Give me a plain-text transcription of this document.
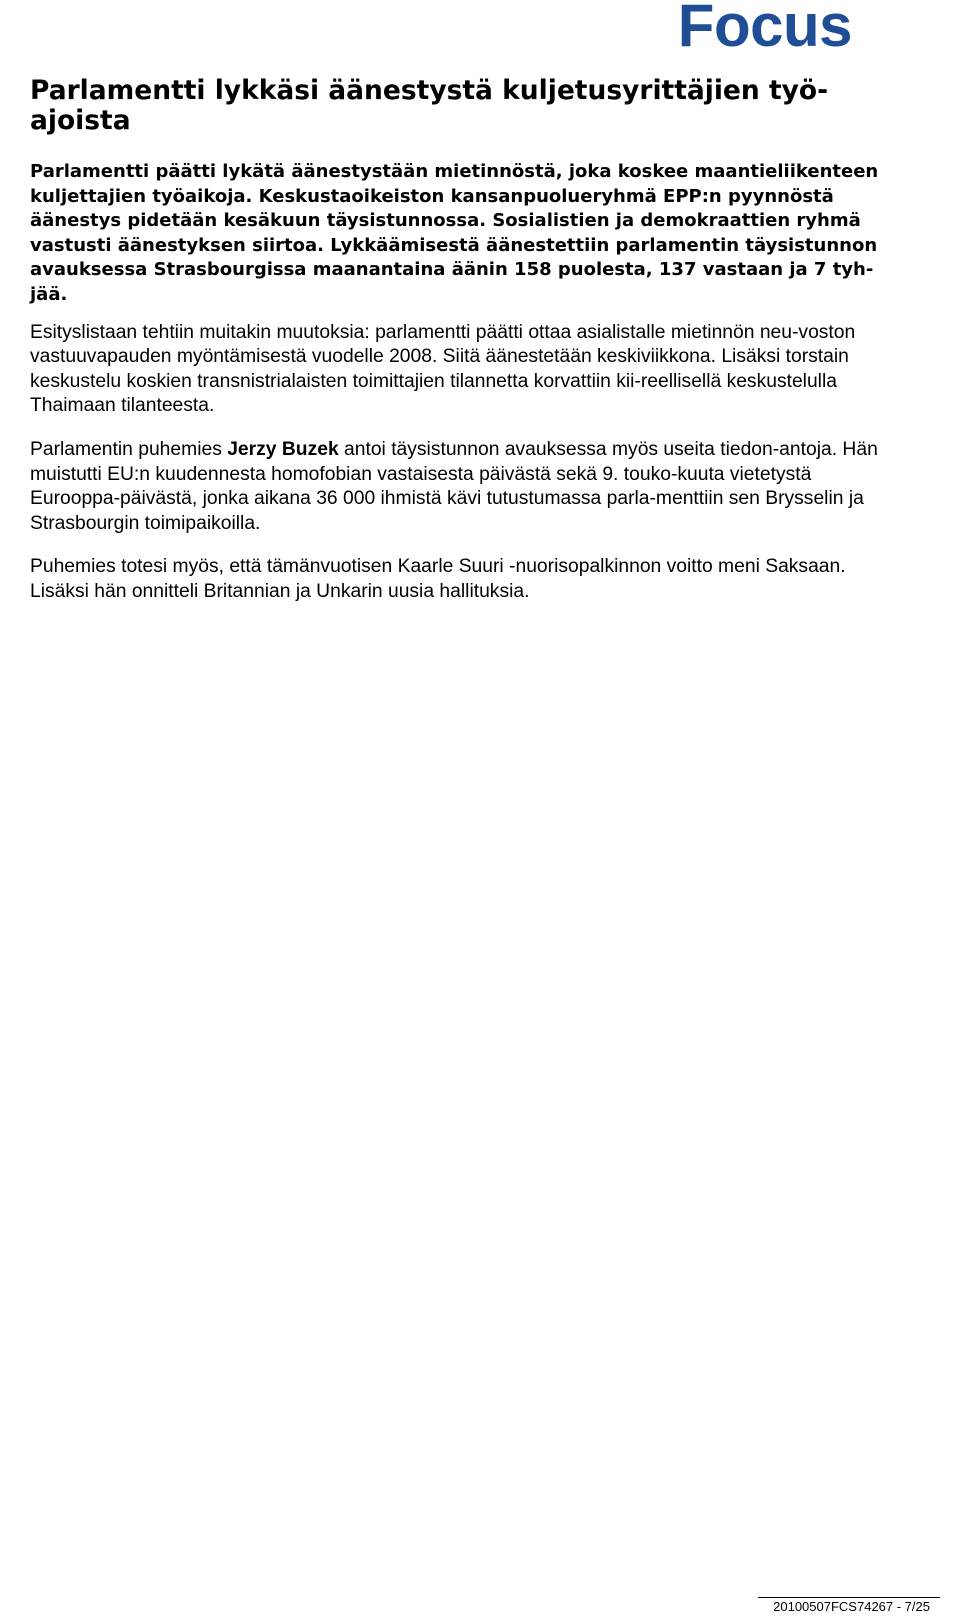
Focus
Parlamentti lykkäsi äänestystä kuljetusyrittäjien työ-ajoista

Parlamentti päätti lykätä äänestystään mietinnöstä, joka koskee maantieliikenteen kuljettajien työaikoja. Keskustaoikeiston kansanpuolueryhmä EPP:n pyynnöstä äänestys pidetään kesäkuun täysistunnossa. Sosialistien ja demokraattien ryhmä vastusti äänestyksen siirtoa. Lykkäämisestä äänestettiin parlamentin täysistunnon avauksessa Strasbourgissa maanantaina äänin 158 puolesta, 137 vastaan ja 7 tyh-jää.

Esityslistaan tehtiin muitakin muutoksia: parlamentti päätti ottaa asialistalle mietinnön neu-voston vastuuvapauden myöntämisestä vuodelle 2008. Siitä äänestetään keskiviikkona. Lisäksi torstain keskustelu koskien transnistrialaisten toimittajien tilannetta korvattiin kii-reellisellä keskustelulla Thaimaan tilanteesta.

Parlamentin puhemies Jerzy Buzek antoi täysistunnon avauksessa myös useita tiedon-antoja. Hän muistutti EU:n kuudennesta homofobian vastaisesta päivästä sekä 9. touko-kuuta vietetystä Eurooppa-päivästä, jonka aikana 36 000 ihmistä kävi tutustumassa parla-menttiin sen Brysselin ja Strasbourgin toimipaikoilla.

Puhemies totesi myös, että tämänvuotisen Kaarle Suuri -nuorisopalkinnon voitto meni Saksaan. Lisäksi hän onnitteli Britannian ja Unkarin uusia hallituksia.

20100507FCS74267 - 7/25
